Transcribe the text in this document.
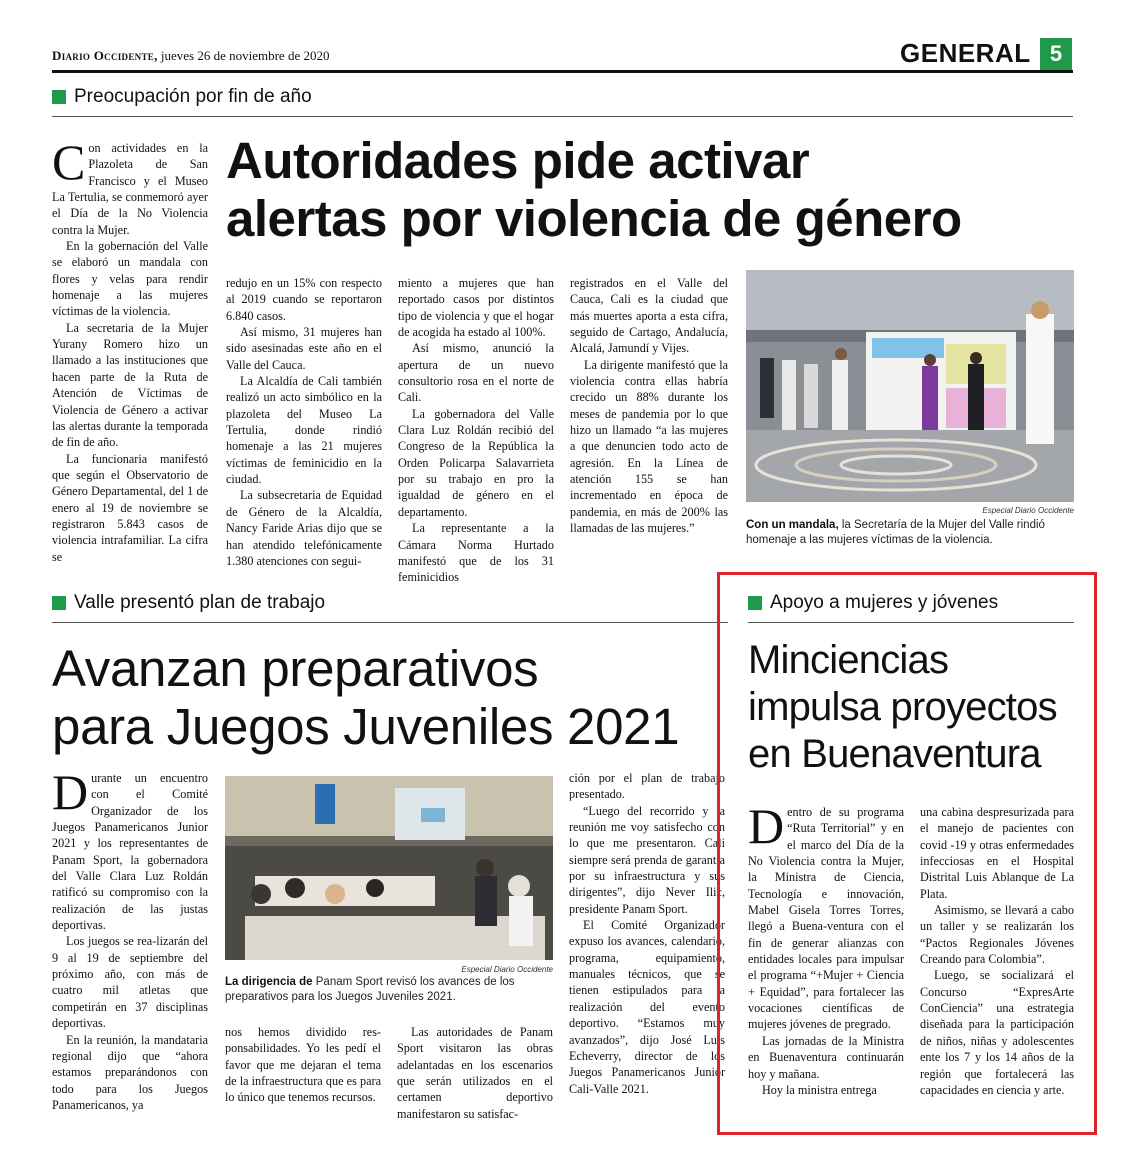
Diario Occidente, jueves 26 de noviembre de 2020	GENERAL 5
Preocupación por fin de año
Autoridades pide activar
alertas por violencia de género

Con actividades en la Plazoleta de San Francisco y el Museo La Tertulia, se conmemoró ayer el Día de la No Violencia contra la Mujer.

En la gobernación del Valle se elaboró un mandala con flores y velas para rendir homenaje a las mujeres víctimas de la violencia.

La secretaria de la Mujer Yurany Romero hizo un llamado a las instituciones que hacen parte de la Ruta de Atención de Víctimas de Violencia de Género a activar las alertas durante la temporada de fin de año.

La funcionaria manifestó que según el Observatorio de Género Departamental, del 1 de enero al 19 de noviembre se registraron 5.843 casos de violencia intrafamiliar. La cifra se

redujo en un 15% con respecto al 2019 cuando se reportaron 6.840 casos.

Así mismo, 31 mujeres han sido asesinadas este año en el Valle del Cauca.

La Alcaldía de Cali también realizó un acto simbólico en la plazoleta del Museo La Tertulia, donde rindió homenaje a las 21 mujeres víctimas de feminicidio en la ciudad.

La subsecretaria de Equidad de Género de la Alcaldía, Nancy Faride Arias dijo que se han atendido telefónicamente 1.380 atenciones con segui-

miento a mujeres que han reportado casos por distintos tipo de violencia y que el hogar de acogida ha estado al 100%.

Así mismo, anunció la apertura de un nuevo consultorio rosa en el norte de Cali.

La gobernadora del Valle Clara Luz Roldán recibió del Congreso de la República la Orden Policarpa Salavarrieta por su trabajo en pro la igualdad de género en el departamento.

La representante a la Cámara Norma Hurtado manifestó que de los 31 feminicidios

registrados en el Valle del Cauca, Cali es la ciudad que más muertes aporta a esta cifra, seguido de Cartago, Andalucía, Alcalá, Jamundí y Vijes.

La dirigente manifestó que la violencia contra ellas habría crecido un 88% durante los meses de pandemia por lo que hizo un llamado “a las mujeres a que denuncien todo acto de agresión. En la Línea de atención 155 se han incrementado en época de pandemia, en más de 200% las llamadas de las mujeres.”

Especial Diario Occidente
Con un mandala, la Secretaría de la Mujer del Valle rindió homenaje a las mujeres víctimas de la violencia.
Valle presentó plan de trabajo
Avanzan preparativos
para Juegos Juveniles 2021

Durante un encuentro con el Comité Organizador de los Juegos Panamericanos Junior 2021 y los representantes de Panam Sport, la gobernadora del Valle Clara Luz Roldán ratificó su compromiso con la realización de las justas deportivas.

Los juegos se rea-lizarán del 9 al 19 de septiembre del próximo año, con más de cuatro mil atletas que competirán en 37 disciplinas deportivas.

En la reunión, la mandataria regional dijo que “ahora estamos preparándonos con todo para los Juegos Panamericanos, ya

Especial Diario Occidente
La dirigencia de Panam Sport revisó los avances de los preparativos para los Juegos Juveniles 2021.

nos hemos dividido res-ponsabilidades. Yo les pedí el favor que me dejaran el tema de la infraestructura que es para lo único que tenemos recursos.

Las autoridades de Panam Sport visitaron las obras adelantadas en los escenarios que serán utilizados en el certamen deportivo manifestaron su satisfac-

ción por el plan de trabajo presentado.

“Luego del recorrido y la reunión me voy satisfecho con lo que me presentaron. Cali siempre será prenda de garantía por su infraestructura y sus dirigentes”, dijo Never Ilic, presidente Panam Sport.

El Comité Organizador expuso los avances, calendario, programa, equipamiento, manuales técnicos, que se tienen estipulados para la realización del evento deportivo. “Estamos muy avanzados”, dijo José Luis Echeverry, director de los Juegos Panamericanos Junior Cali-Valle 2021.

Apoyo a mujeres y jóvenes
Minciencias
impulsa proyectos
en Buenaventura

Dentro de su programa “Ruta Territorial” y en el marco del Día de la No Violencia contra la Mujer, la Ministra de Ciencia, Tecnología e innovación, Mabel Gisela Torres Torres, llegó a Buena-ventura con el fin de generar alianzas con entidades locales para impulsar el programa “+Mujer + Ciencia + Equidad”, para fortalecer las vocaciones científicas de mujeres jóvenes de pregrado.

Las jornadas de la Ministra en Buenaventura continuarán hoy y mañana.

Hoy la ministra entrega

una cabina despresurizada para el manejo de pacientes con covid -19 y otras enfermedades infecciosas en el Hospital Distrital Luis Ablanque de La Plata.

Asimismo, se llevará a cabo un taller y se realizarán los “Pactos Regionales Jóvenes Creando para Colombia”.

Luego, se socializará el Concurso “ExpresArte ConCiencia” una estrategia diseñada para la participación de niños, niñas y adolescentes ente los 7 y los 14 años de la región que fortalecerá las capacidades en ciencia y arte.
